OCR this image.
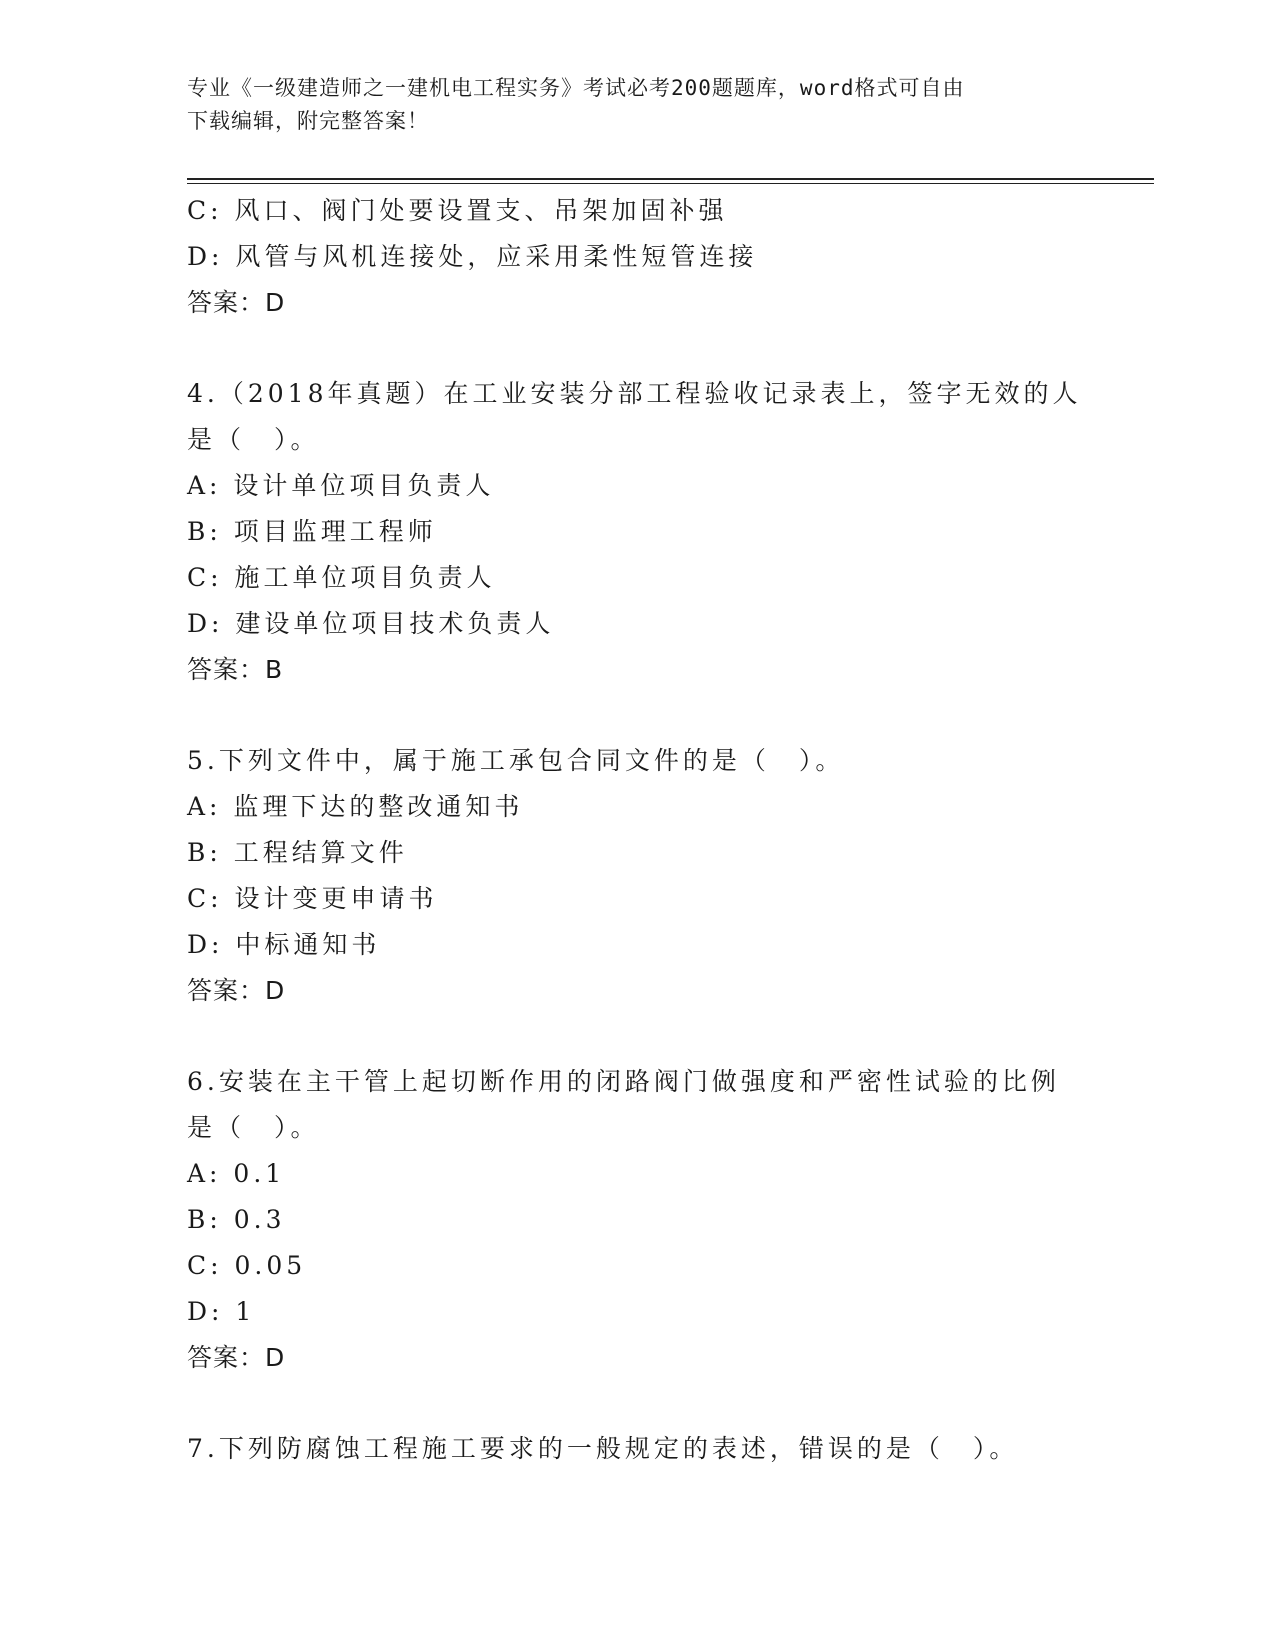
专业《一级建造师之一建机电工程实务》考试必考200题题库，word格式可自由
下载编辑，附完整答案！
C: 风口、阀门处要设置支、吊架加固补强
D: 风管与风机连接处，应采用柔性短管连接
答案：D
4.（2018年真题）在工业安装分部工程验收记录表上，签字无效的人
是（　）。
A: 设计单位项目负责人
B: 项目监理工程师
C: 施工单位项目负责人
D: 建设单位项目技术负责人
答案：B
5.下列文件中，属于施工承包合同文件的是（　）。
A: 监理下达的整改通知书
B: 工程结算文件
C: 设计变更申请书
D: 中标通知书
答案：D
6.安装在主干管上起切断作用的闭路阀门做强度和严密性试验的比例
是（　）。
A: 0.1
B: 0.3
C: 0.05
D: 1
答案：D
7.下列防腐蚀工程施工要求的一般规定的表述，错误的是（　）。
